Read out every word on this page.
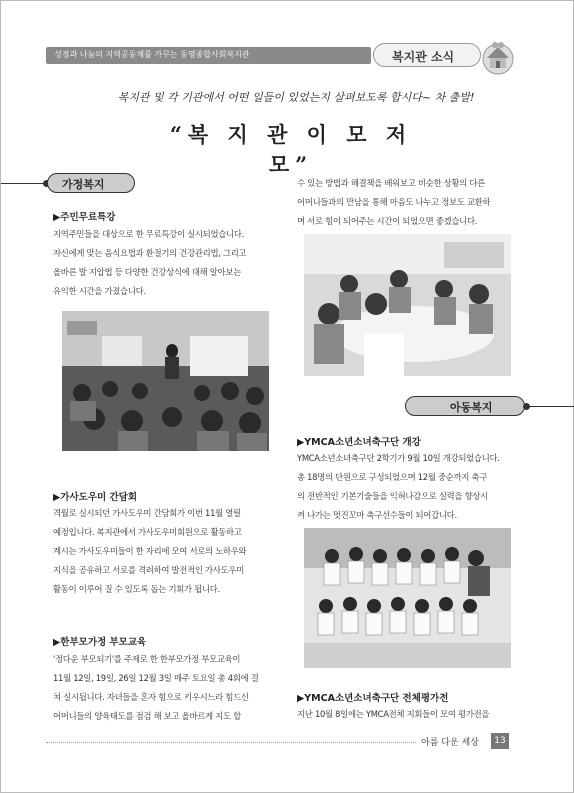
성경과 나눔의 지역공동체를 가꾸는 동명종합사회복지관	복지관 소식
복지관 및 각 기관에서 어떤 일들이 있었는지 살펴보도록 합시다~ 차 출발!
“복 지 관 이 모 저 모”
가정복지
▶주민무료특강
지역주민들을 대상으로 한 무료특강이 실시되었습니다.
자신에게 맞는 음식요법과 환절기의 건강관리법, 그리고
올바른 발 지압법 등 다양한 건강상식에 대해 알아보는
유익한 시간을 가졌습니다.
▶가사도우미 간담회
격월로 실시되던 가사도우미 간담회가 이번 11월 열릴
예정입니다. 복지관에서 가사도우미회원으로 활동하고
계시는 가사도우미들이 한 자리에 모여 서로의 노하우와
지식을 공유하고 서로를 격려하여 발전적인 가사도우미
활동이 이루어 질 수 있도록 돕는 기회가 됩니다.
▶한부모가정 부모교육
'정다운 부모되기'를 주제로 한 한부모가정 부모교육이
11월 12일, 19일, 26일 12월 3일 매주 토요일 총 4회에 걸
쳐 실시됩니다. 자녀들을 혼자 힘으로 키우시느라 힘드신
어머니들의 양육태도를 점검 해 보고 올바르게 지도 할
수 있는 방법과 해결책을 배워보고 비슷한 상황의 다른
어머니들과의 만남을 통해 마음도 나누고 정보도 교환하
며 서로 힘이 되어주는 시간이 되었으면 좋겠습니다.
아동복지
▶YMCA소년소녀축구단 개강
YMCA소년소녀축구단 2학기가 9월 10일 개강되었습니다.
총 18명의 단원으로 구성되었으며 12월 중순까지 축구
의 전반적인 기본기술들을 익혀나감으로 실력을 향상시
켜 나가는 멋진꼬마 축구선수들이 되어갑니다.
▶YMCA소년소녀축구단 전체평가전
지난 10월 8일에는 YMCA전체 지회들이 모여 평가전을
아름 다운 세상	13
